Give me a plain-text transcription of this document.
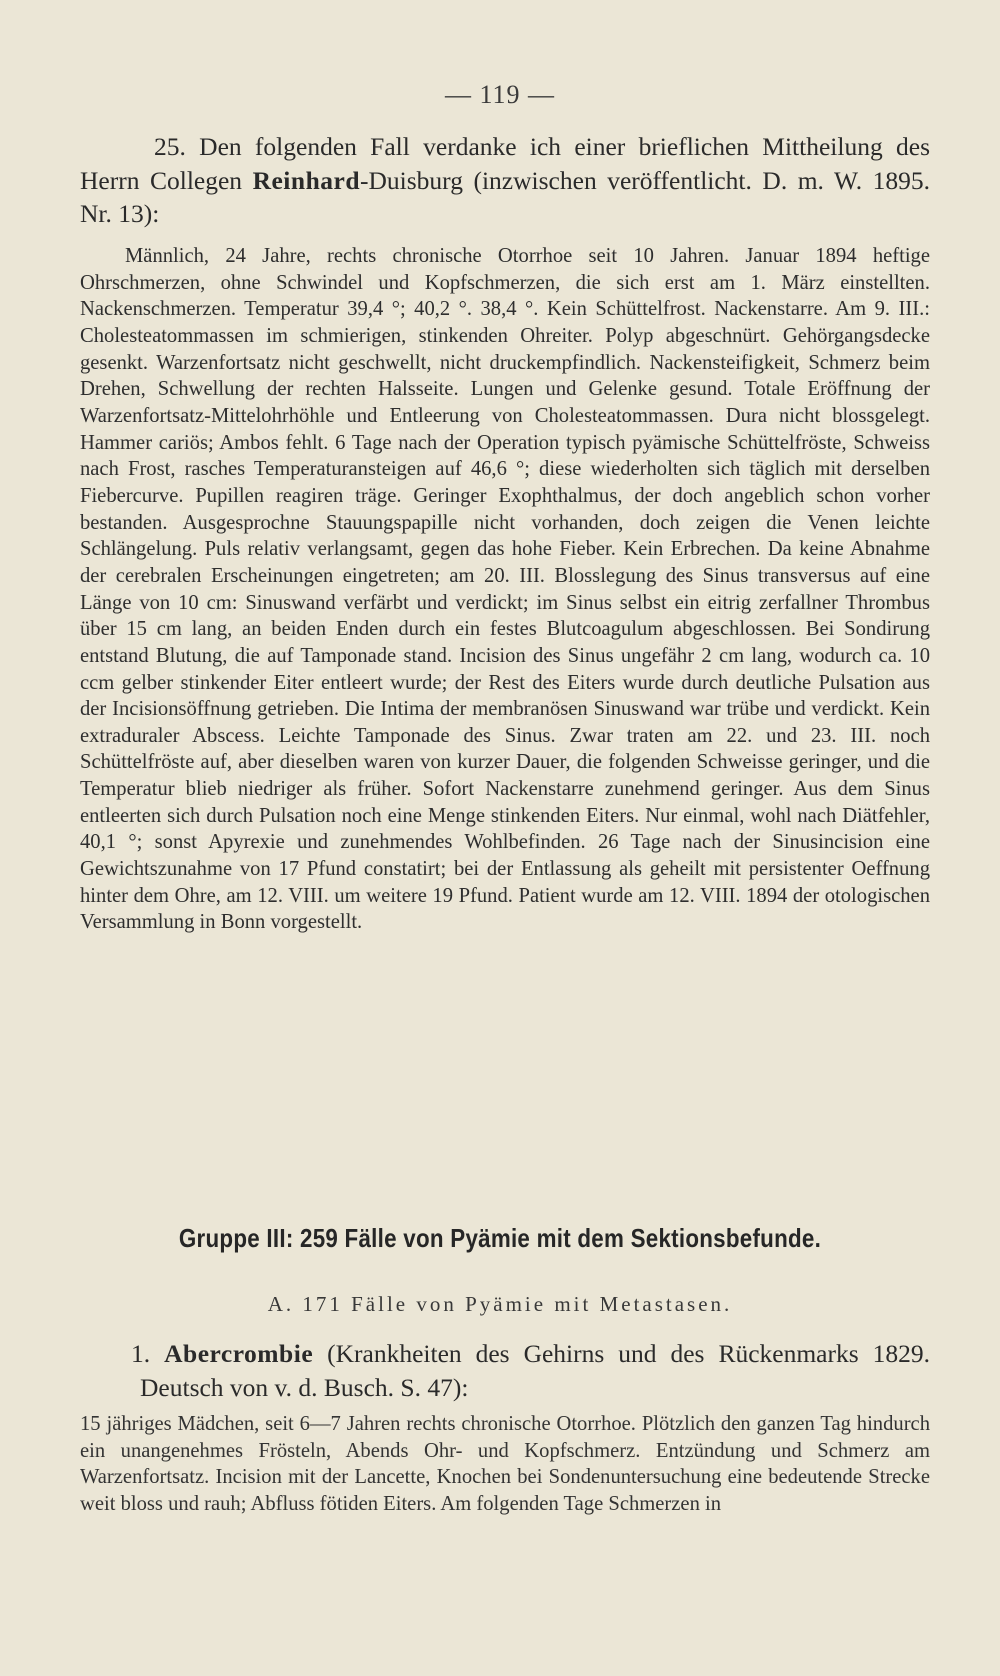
— 119 —

25. Den folgenden Fall verdanke ich einer brieflichen Mittheilung des Herrn Collegen Reinhard-Duisburg (inzwischen veröffentlicht. D. m. W. 1895. Nr. 13):

Männlich, 24 Jahre, rechts chronische Otorrhoe seit 10 Jahren. Januar 1894 heftige Ohrschmerzen, ohne Schwindel und Kopfschmerzen, die sich erst am 1. März einstellten. Nackenschmerzen. Temperatur 39,4 °; 40,2 °. 38,4 °. Kein Schüttelfrost. Nackenstarre. Am 9. III.: Cholesteatommassen im schmierigen, stinkenden Ohreiter. Polyp abgeschnürt. Gehörgangsdecke gesenkt. Warzenfortsatz nicht geschwellt, nicht druckempfindlich. Nackensteifigkeit, Schmerz beim Drehen, Schwellung der rechten Halsseite. Lungen und Gelenke gesund. Totale Eröffnung der Warzenfortsatz-Mittelohrhöhle und Entleerung von Cholesteatommassen. Dura nicht blossgelegt. Hammer cariös; Ambos fehlt. 6 Tage nach der Operation typisch pyämische Schüttelfröste, Schweiss nach Frost, rasches Temperaturansteigen auf 46,6 °; diese wiederholten sich täglich mit derselben Fiebercurve. Pupillen reagiren träge. Geringer Exophthalmus, der doch angeblich schon vorher bestanden. Ausgesprochne Stauungspapille nicht vorhanden, doch zeigen die Venen leichte Schlängelung. Puls relativ verlangsamt, gegen das hohe Fieber. Kein Erbrechen. Da keine Abnahme der cerebralen Erscheinungen eingetreten; am 20. III. Blosslegung des Sinus transversus auf eine Länge von 10 cm: Sinuswand verfärbt und verdickt; im Sinus selbst ein eitrig zerfallner Thrombus über 15 cm lang, an beiden Enden durch ein festes Blutcoagulum abgeschlossen. Bei Sondirung entstand Blutung, die auf Tamponade stand. Incision des Sinus ungefähr 2 cm lang, wodurch ca. 10 ccm gelber stinkender Eiter entleert wurde; der Rest des Eiters wurde durch deutliche Pulsation aus der Incisionsöffnung getrieben. Die Intima der membranösen Sinuswand war trübe und verdickt. Kein extraduraler Abscess. Leichte Tamponade des Sinus. Zwar traten am 22. und 23. III. noch Schüttelfröste auf, aber dieselben waren von kurzer Dauer, die folgenden Schweisse geringer, und die Temperatur blieb niedriger als früher. Sofort Nackenstarre zunehmend geringer. Aus dem Sinus entleerten sich durch Pulsation noch eine Menge stinkenden Eiters. Nur einmal, wohl nach Diätfehler, 40,1 °; sonst Apyrexie und zunehmendes Wohlbefinden. 26 Tage nach der Sinusincision eine Gewichtszunahme von 17 Pfund constatirt; bei der Entlassung als geheilt mit persistenter Oeffnung hinter dem Ohre, am 12. VIII. um weitere 19 Pfund. Patient wurde am 12. VIII. 1894 der otologischen Versammlung in Bonn vorgestellt.

Gruppe III: 259 Fälle von Pyämie mit dem Sektionsbefunde.
A. 171 Fälle von Pyämie mit Metastasen.

1. Abercrombie (Krankheiten des Gehirns und des Rückenmarks 1829. Deutsch von v. d. Busch. S. 47):

15 jähriges Mädchen, seit 6—7 Jahren rechts chronische Otorrhoe. Plötzlich den ganzen Tag hindurch ein unangenehmes Frösteln, Abends Ohr- und Kopfschmerz. Entzündung und Schmerz am Warzenfortsatz. Incision mit der Lancette, Knochen bei Sondenuntersuchung eine bedeutende Strecke weit bloss und rauh; Abfluss fötiden Eiters. Am folgenden Tage Schmerzen in
